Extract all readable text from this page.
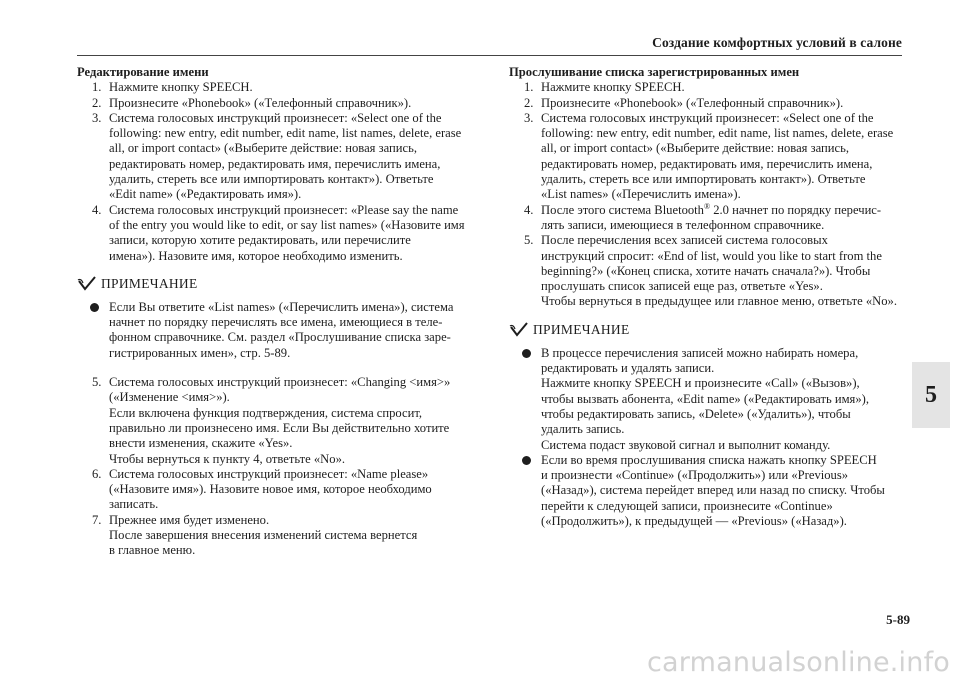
Создание комфортных условий в салоне
Редактирование имени
1. Нажмите кнопку SPEECH.
2. Произнесите «Phonebook» («Телефонный справочник»).
3. Система голосовых инструкций произнесет: «Select one of the
following: new entry, edit number, edit name, list names, delete, erase
all, or import contact» («Выберите действие: новая запись,
редактировать номер, редактировать имя, перечислить имена,
удалить, стереть все или импортировать контакт»). Ответьте
«Edit name» («Редактировать имя»).
4. Система голосовых инструкций произнесет: «Please say the name
of the entry you would like to edit, or say list names» («Назовите имя
записи, которую хотите редактировать, или перечислите
имена»). Назовите имя, которое необходимо изменить.
ПРИМЕЧАНИЕ
Если Вы ответите «List names» («Перечислить имена»), система
начнет по порядку перечислять все имена, имеющиеся в теле-
фонном справочнике. См. раздел «Прослушивание списка заре-
гистрированных имен», стр. 5-89.
5. Система голосовых инструкций произнесет: «Changing <имя>»
(«Изменение <имя>»).
Если включена функция подтверждения, система спросит,
правильно ли произнесено имя. Если Вы действительно хотите
внести изменения, скажите «Yes».
Чтобы вернуться к пункту 4, ответьте «No».
6. Система голосовых инструкций произнесет: «Name please»
(«Назовите имя»). Назовите новое имя, которое необходимо
записать.
7. Прежнее имя будет изменено.
После завершения внесения изменений система вернется
в главное меню.
Прослушивание списка зарегистрированных имен
1. Нажмите кнопку SPEECH.
2. Произнесите «Phonebook» («Телефонный справочник»).
3. Система голосовых инструкций произнесет: «Select one of the
following: new entry, edit number, edit name, list names, delete, erase
all, or import contact» («Выберите действие: новая запись,
редактировать номер, редактировать имя, перечислить имена,
удалить, стереть все или импортировать контакт»). Ответьте
«List names» («Перечислить имена»).
4. После этого система Bluetooth® 2.0 начнет по порядку перечис-
лять записи, имеющиеся в телефонном справочнике.
5. После перечисления всех записей система голосовых
инструкций спросит: «End of list, would you like to start from the
beginning?» («Конец списка, хотите начать сначала?»). Чтобы
прослушать список записей еще раз, ответьте «Yes».
Чтобы вернуться в предыдущее или главное меню, ответьте «No».
ПРИМЕЧАНИЕ
В процессе перечисления записей можно набирать номера,
редактировать и удалять записи.
Нажмите кнопку SPEECH и произнесите «Call» («Вызов»),
чтобы вызвать абонента, «Edit name» («Редактировать имя»),
чтобы редактировать запись, «Delete» («Удалить»), чтобы
удалить запись.
Система подаст звуковой сигнал и выполнит команду.
Если во время прослушивания списка нажать кнопку SPEECH
и произнести «Continue» («Продолжить») или «Previous»
(«Назад»), система перейдет вперед или назад по списку. Чтобы
перейти к следующей записи, произнесите «Continue»
(«Продолжить»), к предыдущей — «Previous» («Назад»).
5
5-89
carmanualsonline.info
